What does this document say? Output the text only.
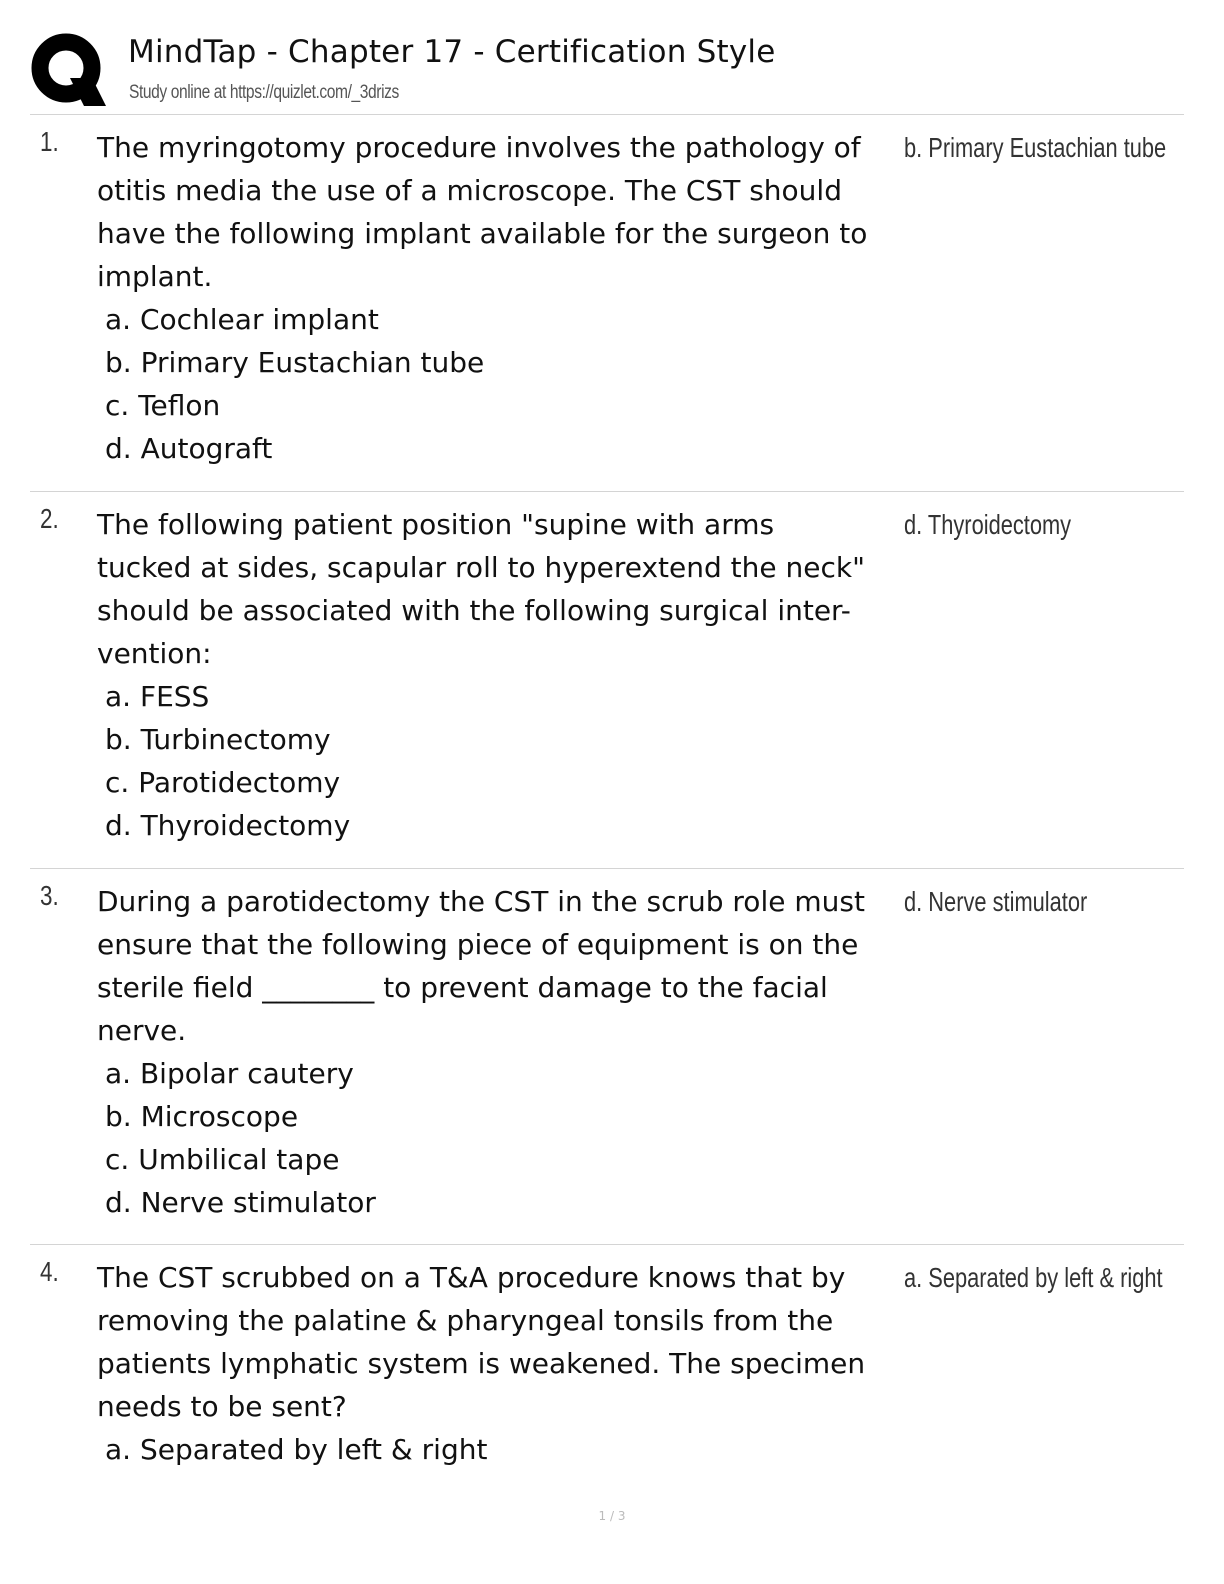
MindTap - Chapter 17 - Certification Style
Study online at https://quizlet.com/_3drizs
1. The myringotomy procedure involves the pathology of
otitis media the use of a microscope. The CST should
have the following implant available for the surgeon to
implant.
a. Cochlear implant
b. Primary Eustachian tube
c. Teflon
d. Autograft
b. Primary Eustachian tube
2. The following patient position "supine with arms
tucked at sides, scapular roll to hyperextend the neck"
should be associated with the following surgical inter-
vention:
a. FESS
b. Turbinectomy
c. Parotidectomy
d. Thyroidectomy
d. Thyroidectomy
3. During a parotidectomy the CST in the scrub role must
ensure that the following piece of equipment is on the
sterile field ________ to prevent damage to the facial
nerve.
a. Bipolar cautery
b. Microscope
c. Umbilical tape
d. Nerve stimulator
d. Nerve stimulator
4. The CST scrubbed on a T&A procedure knows that by
removing the palatine & pharyngeal tonsils from the
patients lymphatic system is weakened. The specimen
needs to be sent?
a. Separated by left & right
a. Separated by left & right
1 / 3
